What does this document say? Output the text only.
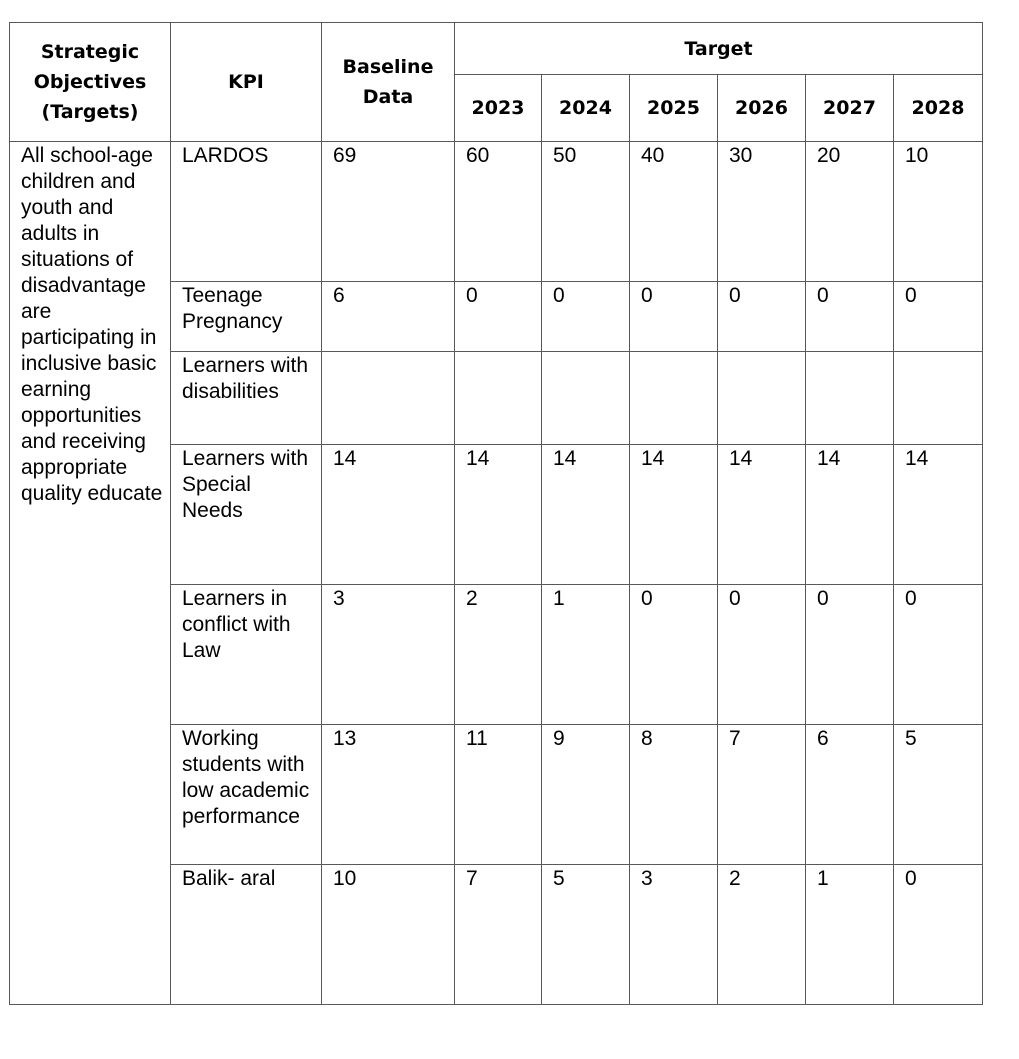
Strategic Objectives (Targets)	KPI	Baseline Data	Target					
			2023	2024	2025	2026	2027	2028
All school-age children and youth and adults in situations of disadvantage are participating in inclusive basic earning opportunities and receiving appropriate quality educate	LARDOS	69	60	50	40	30	20	10
	Teenage Pregnancy	6	0	0	0	0	0	0
	Learners with disabilities							
	Learners with Special Needs	14	14	14	14	14	14	14
	Learners in conflict with Law	3	2	1	0	0	0	0
	Working students with low academic performance	13	11	9	8	7	6	5
	Balik- aral	10	7	5	3	2	1	0
